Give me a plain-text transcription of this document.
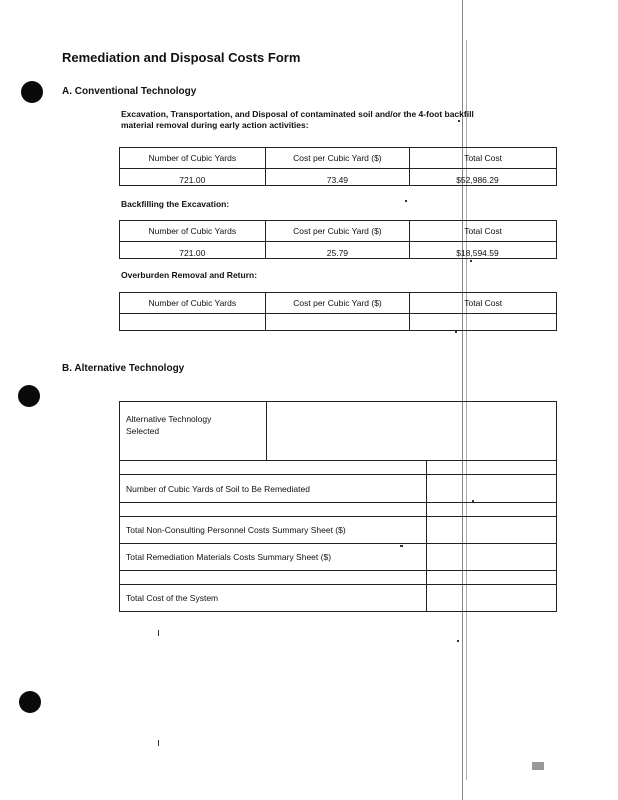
Remediation and Disposal Costs Form
A. Conventional Technology
Excavation, Transportation, and Disposal of contaminated soil and/or the 4-foot backfill
material removal during early action activities:
Number of Cubic Yards	Cost per Cubic Yard ($)	Total Cost
721.00	73.49	$52,986.29
Backfilling the Excavation:
Number of Cubic Yards	Cost per Cubic Yard ($)	Total Cost
721.00	25.79	$18,594.59
Overburden Removal and Return:
Number of Cubic Yards	Cost per Cubic Yard ($)	Total Cost

B. Alternative Technology
Alternative Technology
Selected		

Number of Cubic Yards of Soil to Be Remediated		

Total Non-Consulting Personnel Costs Summary Sheet ($)		
Total Remediation Materials Costs Summary Sheet ($)		

Total Cost of the System		
